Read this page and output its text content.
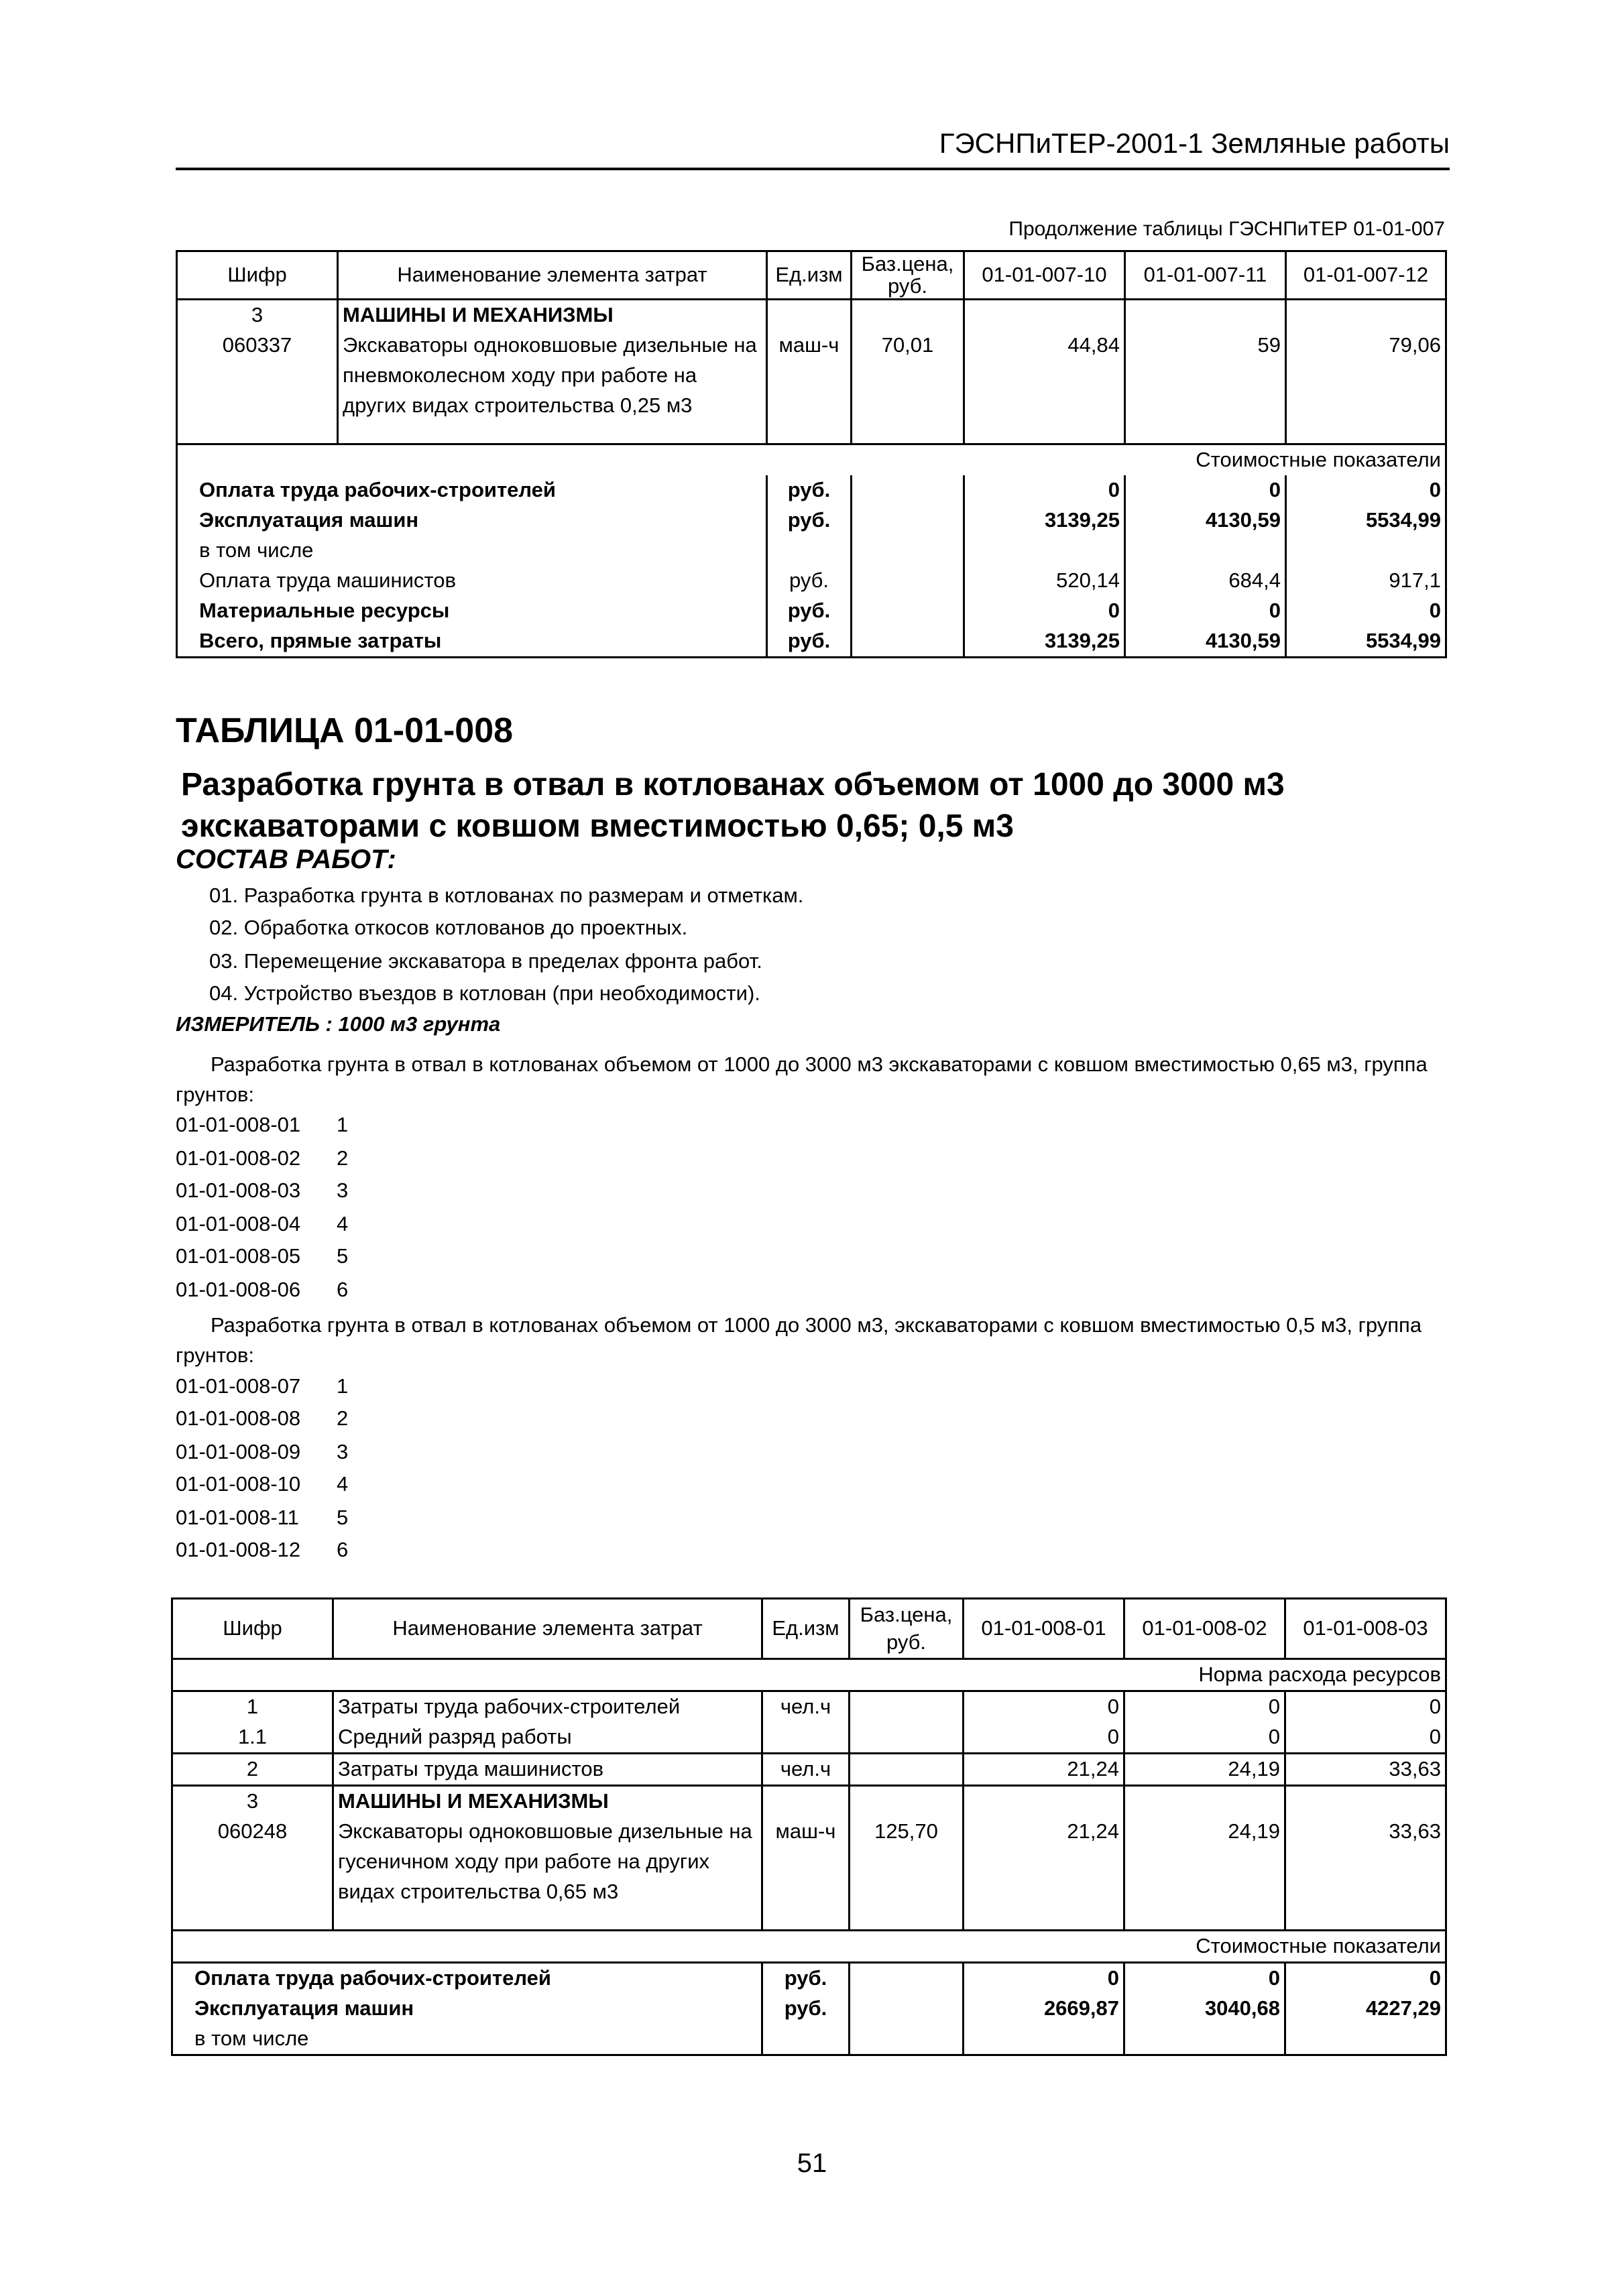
ГЭСНПиТЕР-2001-1 Земляные работы
Продолжение таблицы ГЭСНПиТЕР 01-01-007
Шифр	Наименование элемента затрат	Ед.изм	Баз.цена, руб.	01-01-007-10	01-01-007-11	01-01-007-12
3	МАШИНЫ И МЕХАНИЗМЫ					
060337	Экскаваторы одноковшовые дизельные на пневмоколесном ходу при работе на других видах строительства 0,25 м3	маш-ч	70,01	44,84	59	79,06
Стоимостные показатели						
Оплата труда рабочих-строителей		руб.		0	0	0
Эксплуатация машин		руб.		3139,25	4130,59	5534,99
в том числе						
Оплата труда машинистов		руб.		520,14	684,4	917,1
Материальные ресурсы		руб.		0	0	0
Всего, прямые затраты		руб.		3139,25	4130,59	5534,99
ТАБЛИЦА 01-01-008
Разработка грунта в отвал в котлованах объемом от 1000 до 3000 м3 экскаваторами с ковшом вместимостью 0,65; 0,5 м3
СОСТАВ РАБОТ:
01. Разработка грунта в котлованах по размерам и отметкам.
02. Обработка откосов котлованов до проектных.
03. Перемещение экскаватора в пределах фронта работ.
04. Устройство въездов в котлован (при необходимости).
ИЗМЕРИТЕЛЬ : 1000 м3 грунта
Разработка грунта в отвал в котлованах объемом от 1000 до 3000 м3 экскаваторами с ковшом вместимостью 0,65 м3, группа грунтов:
01-01-008-01 1
01-01-008-02 2
01-01-008-03 3
01-01-008-04 4
01-01-008-05 5
01-01-008-06 6
Разработка грунта в отвал в котлованах объемом от 1000 до 3000 м3, экскаваторами с ковшом вместимостью 0,5 м3, группа грунтов:
01-01-008-07 1
01-01-008-08 2
01-01-008-09 3
01-01-008-10 4
01-01-008-11 5
01-01-008-12 6
Шифр	Наименование элемента затрат	Ед.изм	Баз.цена, руб.	01-01-008-01	01-01-008-02	01-01-008-03
Норма расхода ресурсов						
1	Затраты труда рабочих-строителей	чел.ч		0	0	0
1.1	Средний разряд работы			0	0	0
2	Затраты труда машинистов	чел.ч		21,24	24,19	33,63
3	МАШИНЫ И МЕХАНИЗМЫ					
060248	Экскаваторы одноковшовые дизельные на гусеничном ходу при работе на других видах строительства 0,65 м3	маш-ч	125,70	21,24	24,19	33,63
Стоимостные показатели						
Оплата труда рабочих-строителей		руб.		0	0	0
Эксплуатация машин		руб.		2669,87	3040,68	4227,29
в том числе						
51
